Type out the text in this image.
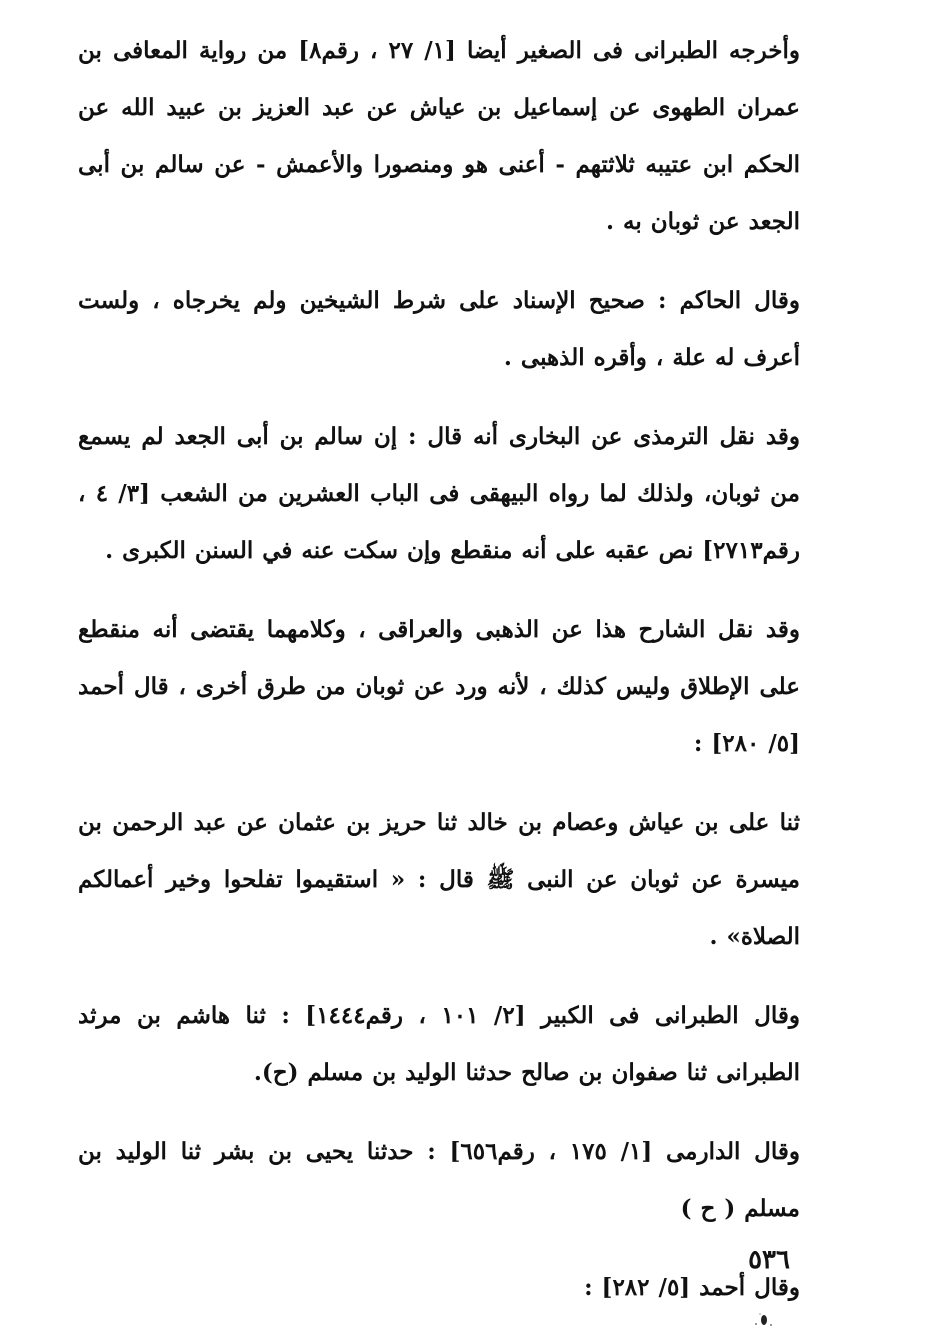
وأخرجه الطبرانى فى الصغير أيضا [١/ ٢٧ ، رقم٨] من رواية المعافى بن عمران الطهوى عن إسماعيل بن عياش عن عبد العزيز بن عبيد الله عن الحكم ابن عتيبه ثلاثتهم - أعنى هو ومنصورا والأعمش - عن سالم بن أبى الجعد عن ثوبان به .

وقال الحاكم : صحيح الإسناد على شرط الشيخين ولم يخرجاه ، ولست أعرف له علة ، وأقره الذهبى .

وقد نقل الترمذى عن البخارى أنه قال : إن سالم بن أبى الجعد لم يسمع من ثوبان، ولذلك لما رواه البيهقى فى الباب العشرين من الشعب [٣/ ٤ ، رقم٢٧١٣] نص عقبه على أنه منقطع وإن سكت عنه في السنن الكبرى .

وقد نقل الشارح هذا عن الذهبى والعراقى ، وكلامهما يقتضى أنه منقطع على الإطلاق وليس كذلك ، لأنه ورد عن ثوبان من طرق أخرى ، قال أحمد [٥/ ٢٨٠] :

ثنا على بن عياش وعصام بن خالد ثنا حريز بن عثمان عن عبد الرحمن بن ميسرة عن ثوبان عن النبى ﷺ قال : « استقيموا تفلحوا وخير أعمالكم الصلاة» .

وقال الطبرانى فى الكبير [٢/ ١٠١ ، رقم١٤٤٤] : ثنا هاشم بن مرثد الطبرانى ثنا صفوان بن صالح حدثنا الوليد بن مسلم (ح).

وقال الدارمى [١/ ١٧٥ ، رقم٦٥٦] : حدثنا يحيى بن بشر ثنا الوليد بن مسلم ( ح )

وقال أحمد [٥/ ٢٨٢] :

٥٣٦
